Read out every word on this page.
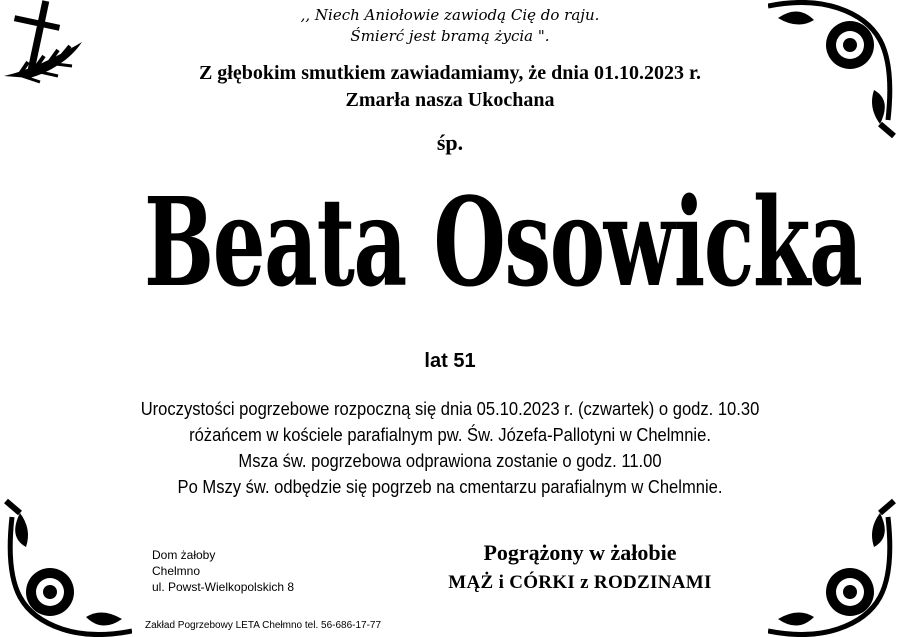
,, Niech Aniołowie zawiodą Cię do raju.
Śmierć jest bramą życia ".
Z głębokim smutkiem zawiadamiamy, że dnia 01.10.2023 r.
Zmarła nasza Ukochana
śp.
Beata Osowicka
lat 51
Uroczystości pogrzebowe rozpoczną się dnia 05.10.2023 r. (czwartek) o godz. 10.30
różańcem w kościele parafialnym pw. Św. Józefa-Pallotyni w Chelmnie.
Msza św. pogrzebowa odprawiona zostanie o godz. 11.00
Po Mszy św. odbędzie się pogrzeb na cmentarzu parafialnym w Chelmnie.
Dom żałoby
Chelmno
ul. Powst-Wielkopolskich 8
Pogrążony w żałobie
MĄŻ i CÓRKI z RODZINAMI
Zakład Pogrzebowy LETA Chełmno tel. 56-686-17-77
